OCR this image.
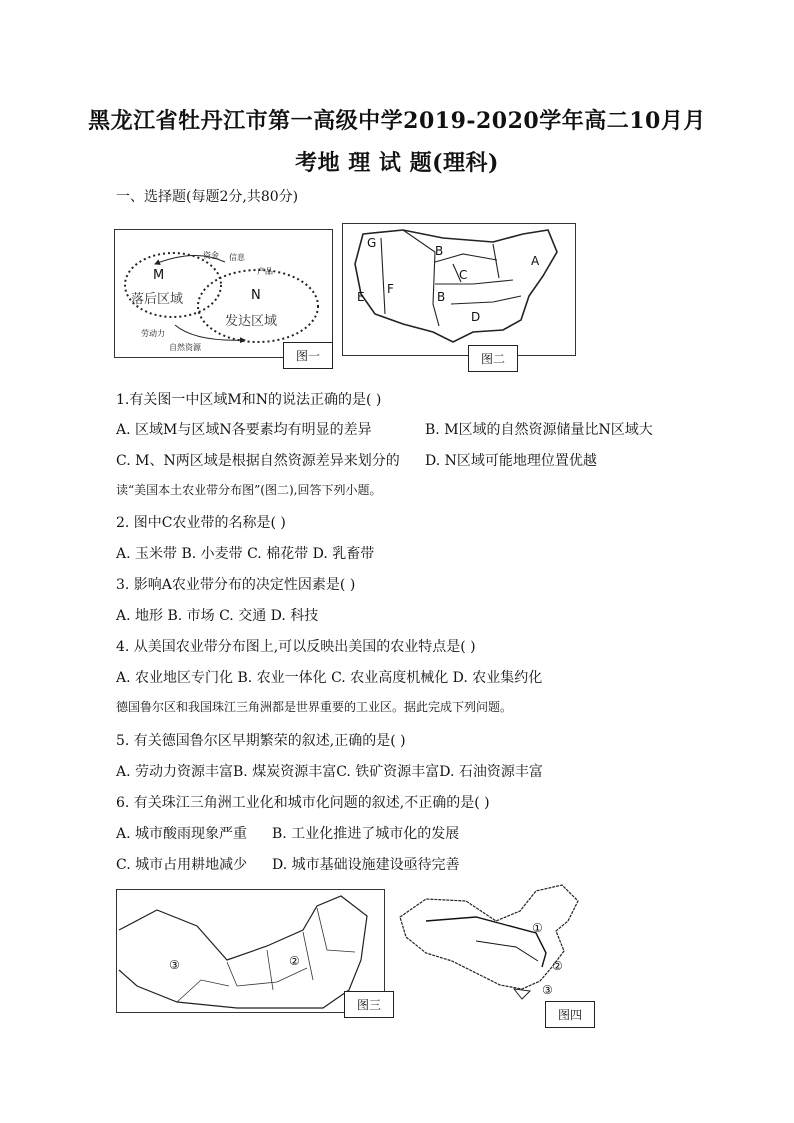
黑龙江省牡丹江市第一高级中学2019-2020学年高二10月月
考地 理 试 题(理科)
一、选择题(每题2分,共80分)
M
落后区域	N
发达区域
资金 信息
产品
劳动力
自然资源
图一
G
B
C
A
F
E	B
D
图二
1.有关图一中区域M和N的说法正确的是( )
A. 区域M与区域N各要素均有明显的差异	B. M区域的自然资源储量比N区域大
C. M、N两区域是根据自然资源差异来划分的 D. N区域可能地理位置优越
读“美国本土农业带分布图”(图二),回答下列小题。
2. 图中C农业带的名称是( )
A. 玉米带 B. 小麦带 C. 棉花带 D. 乳畜带
3. 影响A农业带分布的决定性因素是( )
A. 地形 B. 市场 C. 交通 D. 科技
4. 从美国农业带分布图上,可以反映出美国的农业特点是( )
A. 农业地区专门化 B. 农业一体化 C. 农业高度机械化 D. 农业集约化
德国鲁尔区和我国珠江三角洲都是世界重要的工业区。据此完成下列问题。
5. 有关德国鲁尔区早期繁荣的叙述,正确的是( )
A. 劳动力资源丰富B. 煤炭资源丰富C. 铁矿资源丰富D. 石油资源丰富
6. 有关珠江三角洲工业化和城市化问题的叙述,不正确的是( )
A. 城市酸雨现象严重 B. 工业化推进了城市化的发展
C. 城市占用耕地减少 D. 城市基础设施建设亟待完善
③	②
图三
①
②
③
图四
